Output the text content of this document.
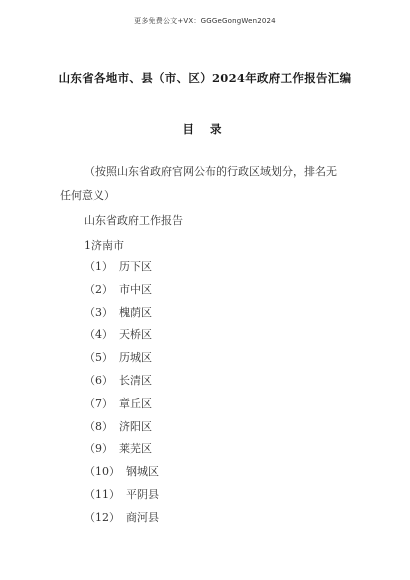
更多免费公文+VX：GGGeGongWen2024
山东省各地市、县（市、区）2024年政府工作报告汇编
目 录
（按照山东省政府官网公布的行政区域划分，排名无
任何意义）
山东省政府工作报告
1济南市
（1） 历下区
（2） 市中区
（3） 槐荫区
（4） 天桥区
（5） 历城区
（6） 长清区
（7） 章丘区
（8） 济阳区
（9） 莱芜区
（10） 钢城区
（11） 平阴县
（12） 商河县
